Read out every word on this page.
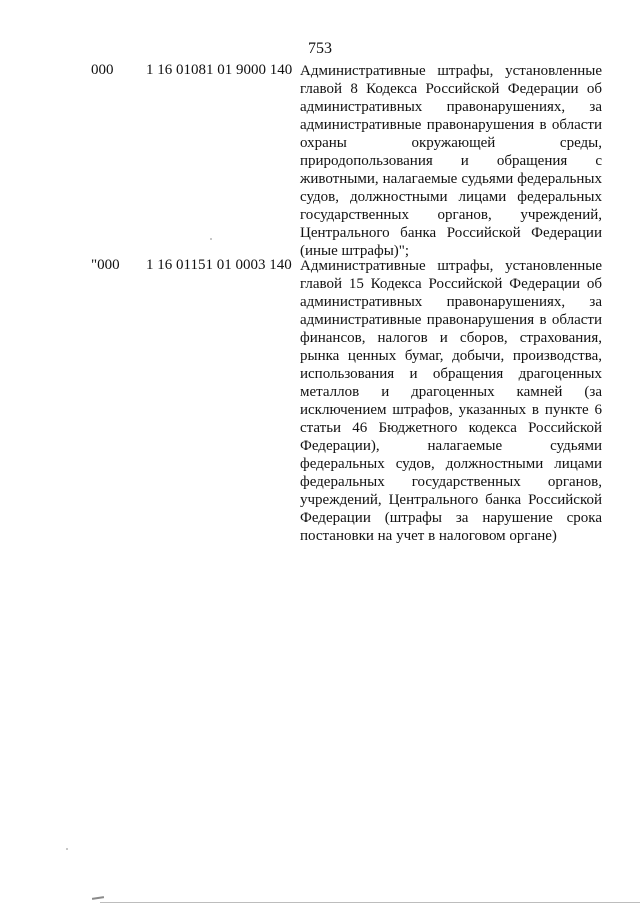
753
000 1 16 01081 01 9000 140 Административные штрафы, установленные главой 8 Кодекса Российской Федерации об административных правонарушениях, за административные правонарушения в области охраны окружающей среды, природопользования и обращения с животными, налагаемые судьями федеральных судов, должностными лицами федеральных государственных органов, учреждений, Центрального банка Российской Федерации (иные штрафы)";
"000 1 16 01151 01 0003 140 Административные штрафы, установленные главой 15 Кодекса Российской Федерации об административных правонарушениях, за административные правонарушения в области финансов, налогов и сборов, страхования, рынка ценных бумаг, добычи, производства, использования и обращения драгоценных металлов и драгоценных камней (за исключением штрафов, указанных в пункте 6 статьи 46 Бюджетного кодекса Российской Федерации), налагаемые судьями федеральных судов, должностными лицами федеральных государственных органов, учреждений, Центрального банка Российской Федерации (штрафы за нарушение срока постановки на учет в налоговом органе)
